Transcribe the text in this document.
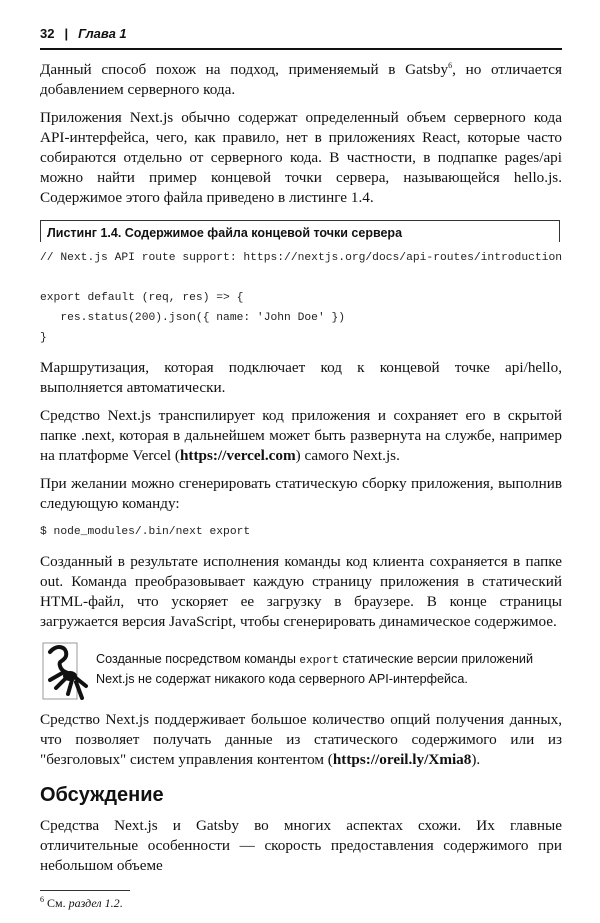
32 | Глава 1
Данный способ похож на подход, применяемый в Gatsby$^6$, но отличается добавлением серверного кода.
Приложения Next.js обычно содержат определенный объем серверного кода API-интерфейса, чего, как правило, нет в приложениях React, которые часто собираются отдельно от серверного кода. В частности, в подпапке pages/api можно найти пример концевой точки сервера, называющейся hello.js. Содержимое этого файла приведено в листинге 1.4.
Листинг 1.4. Содержимое файла концевой точки сервера
// Next.js API route support: https://nextjs.org/docs/api-routes/introduction

export default (req, res) => {
res.status(200).json({ name: 'John Doe' })
}
Маршрутизация, которая подключает код к концевой точке api/hello, выполняется автоматически.
Средство Next.js транспилирует код приложения и сохраняет его в скрытой папке .next, которая в дальнейшем может быть развернута на службе, например на платформе Vercel (https://vercel.com) самого Next.js.
При желании можно сгенерировать статическую сборку приложения, выполнив следующую команду:
$ node_modules/.bin/next export
Созданный в результате исполнения команды код клиента сохраняется в папке out. Команда преобразовывает каждую страницу приложения в статический HTML-файл, что ускоряет ее загрузку в браузере. В конце страницы загружается версия JavaScript, чтобы сгенерировать динамическое содержимое.
Созданные посредством команды export статические версии приложений Next.js не содержат никакого кода серверного API-интерфейса.
Средство Next.js поддерживает большое количество опций получения данных, что позволяет получать данные из статического содержимого или из "безголовых" систем управления контентом (https://oreil.ly/Xmia8).
Обсуждение
Средства Next.js и Gatsby во многих аспектах схожи. Их главные отличительные особенности — скорость предоставления содержимого при небольшом объеме
$^6$ См. раздел 1.2.
